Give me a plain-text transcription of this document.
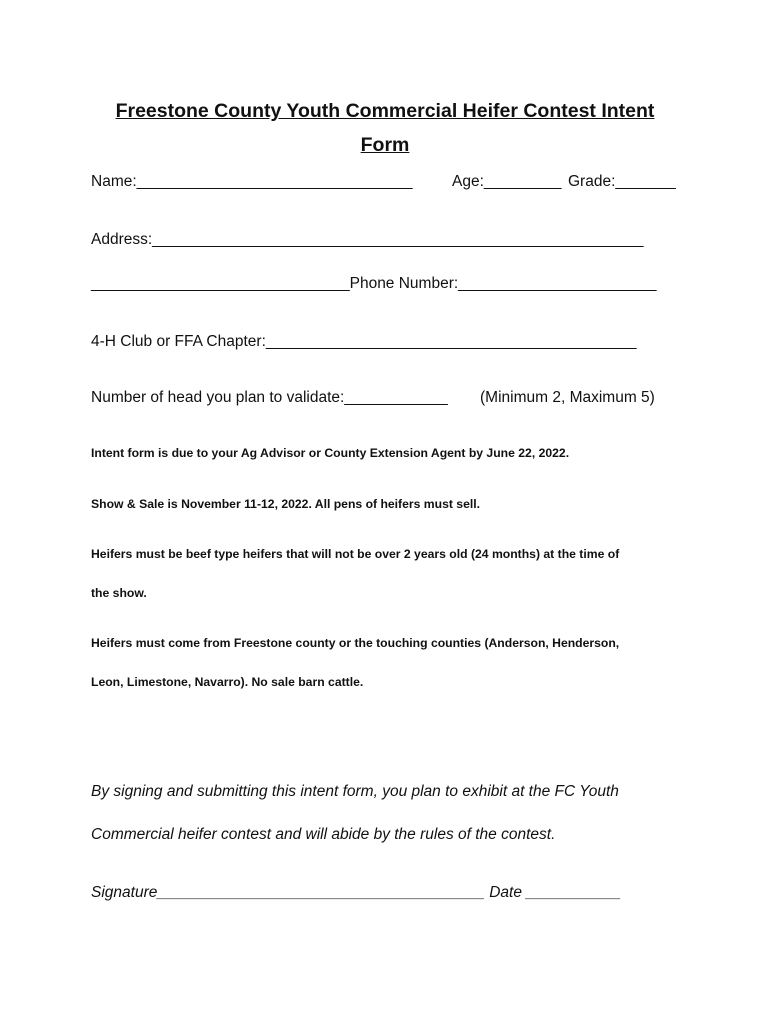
Freestone County Youth Commercial Heifer Contest Intent
Form
Name:________________________________	Age:_________ Grade:_______
Address:_________________________________________________________
______________________________Phone Number:_______________________
4-H Club or FFA Chapter:___________________________________________
Number of head you plan to validate:____________ (Minimum 2, Maximum 5)
Intent form is due to your Ag Advisor or County Extension Agent by June 22, 2022.
Show & Sale is November 11-12, 2022. All pens of heifers must sell.
Heifers must be beef type heifers that will not be over 2 years old (24 months) at the time of
the show.
Heifers must come from Freestone county or the touching counties (Anderson, Henderson,
Leon, Limestone, Navarro). No sale barn cattle.
By signing and submitting this intent form, you plan to exhibit at the FC Youth
Commercial heifer contest and will abide by the rules of the contest.
Signature______________________________________ Date ___________
